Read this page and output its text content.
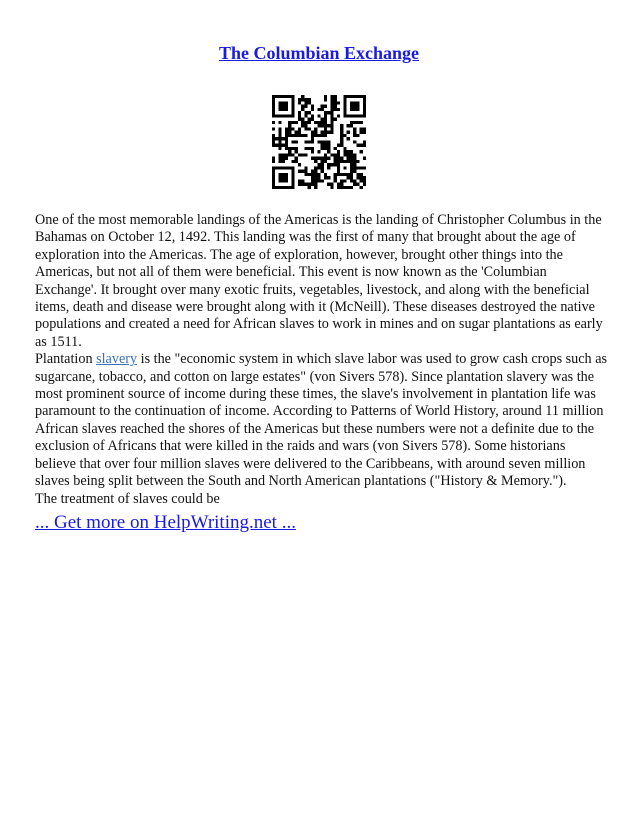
The Columbian Exchange

One of the most memorable landings of the Americas is the landing of Christopher Columbus in the Bahamas on October 12, 1492. This landing was the first of many that brought about the age of exploration into the Americas. The age of exploration, however, brought other things into the Americas, but not all of them were beneficial. This event is now known as the 'Columbian Exchange'. It brought over many exotic fruits, vegetables, livestock, and along with the beneficial items, death and disease were brought along with it (McNeill). These diseases destroyed the native populations and created a need for African slaves to work in mines and on sugar plantations as early as 1511.

Plantation slavery is the "economic system in which slave labor was used to grow cash crops such as sugarcane, tobacco, and cotton on large estates" (von Sivers 578). Since plantation slavery was the most prominent source of income during these times, the slave's involvement in plantation life was paramount to the continuation of income. According to Patterns of World History, around 11 million African slaves reached the shores of the Americas but these numbers were not a definite due to the exclusion of Africans that were killed in the raids and wars (von Sivers 578). Some historians believe that over four million slaves were delivered to the Caribbeans, with around seven million slaves being split between the South and North American plantations ("History & Memory.").

The treatment of slaves could be

... Get more on HelpWriting.net ...
